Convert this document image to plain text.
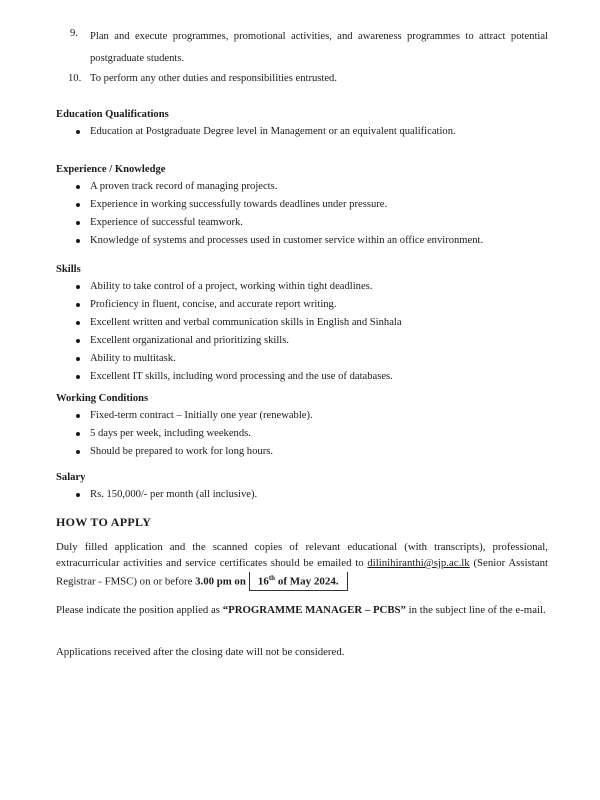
9. Plan and execute programmes, promotional activities, and awareness programmes to attract potential postgraduate students.
10. To perform any other duties and responsibilities entrusted.

Education Qualifications

Education at Postgraduate Degree level in Management or an equivalent qualification.

Experience / Knowledge

A proven track record of managing projects.
Experience in working successfully towards deadlines under pressure.
Experience of successful teamwork.
Knowledge of systems and processes used in customer service within an office environment.

Skills

Ability to take control of a project, working within tight deadlines.
Proficiency in fluent, concise, and accurate report writing.
Excellent written and verbal communication skills in English and Sinhala
Excellent organizational and prioritizing skills.
Ability to multitask.
Excellent IT skills, including word processing and the use of databases.

Working Conditions

Fixed-term contract – Initially one year (renewable).
5 days per week, including weekends.
Should be prepared to work for long hours.

Salary

Rs. 150,000/- per month (all inclusive).

HOW TO APPLY

Duly filled application and the scanned copies of relevant educational (with transcripts), professional, extracurricular activities and service certificates should be emailed to dilinihiranthi@sjp.ac.lk (Senior Assistant Registrar - FMSC) on or before 3.00 pm on 16th of May 2024.

Please indicate the position applied as “PROGRAMME MANAGER – PCBS” in the subject line of the e-mail.

Applications received after the closing date will not be considered.
